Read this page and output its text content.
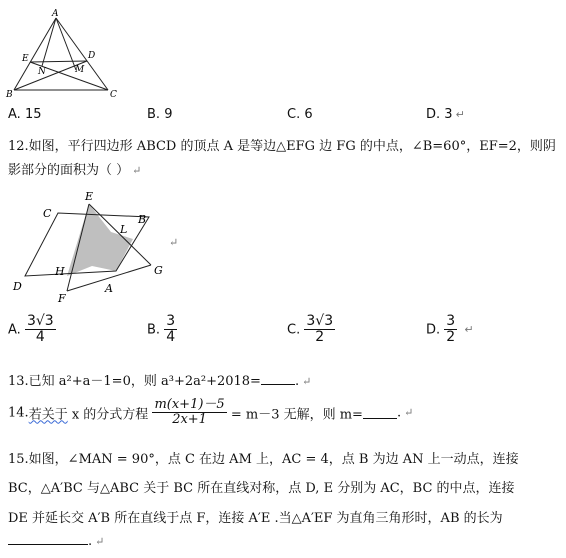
A
B	C
D
E
M
N
A. 15	B. 9	C. 6	D. 3 ↵
12.如图，平行四边形 ABCD 的顶点 A 是等边△EFG 边 FG 的中点，∠B=60°，EF=2，则阴
影部分的面积为（ ） ↵
E
C	B
L
H	G
D
F
A
↵
A. $\frac{3√3}{4}$	B. $\frac{3}{4}$	C. $\frac{3√3}{2}$	D. $\frac{3}{2}$ ↵
13.已知 a²+a－1=0，则 a³+2a²+2018=	. ↵
14.若关于 x 的分式方程 $\frac{m(x+1)-5}{2x+1} = m-3$ 无解，则 m=	. ↵
15.如图，∠MAN = 90°，点 C 在边 AM 上，AC = 4，点 B 为边 AN 上一动点，连接
BC，△A′BC 与△ABC 关于 BC 所在直线对称，点 D, E 分别为 AC，BC 的中点，连接
DE 并延长交 A′B 所在直线于点 F，连接 A′E .当△A′EF 为直角三角形时，AB 的长为
. ↵
